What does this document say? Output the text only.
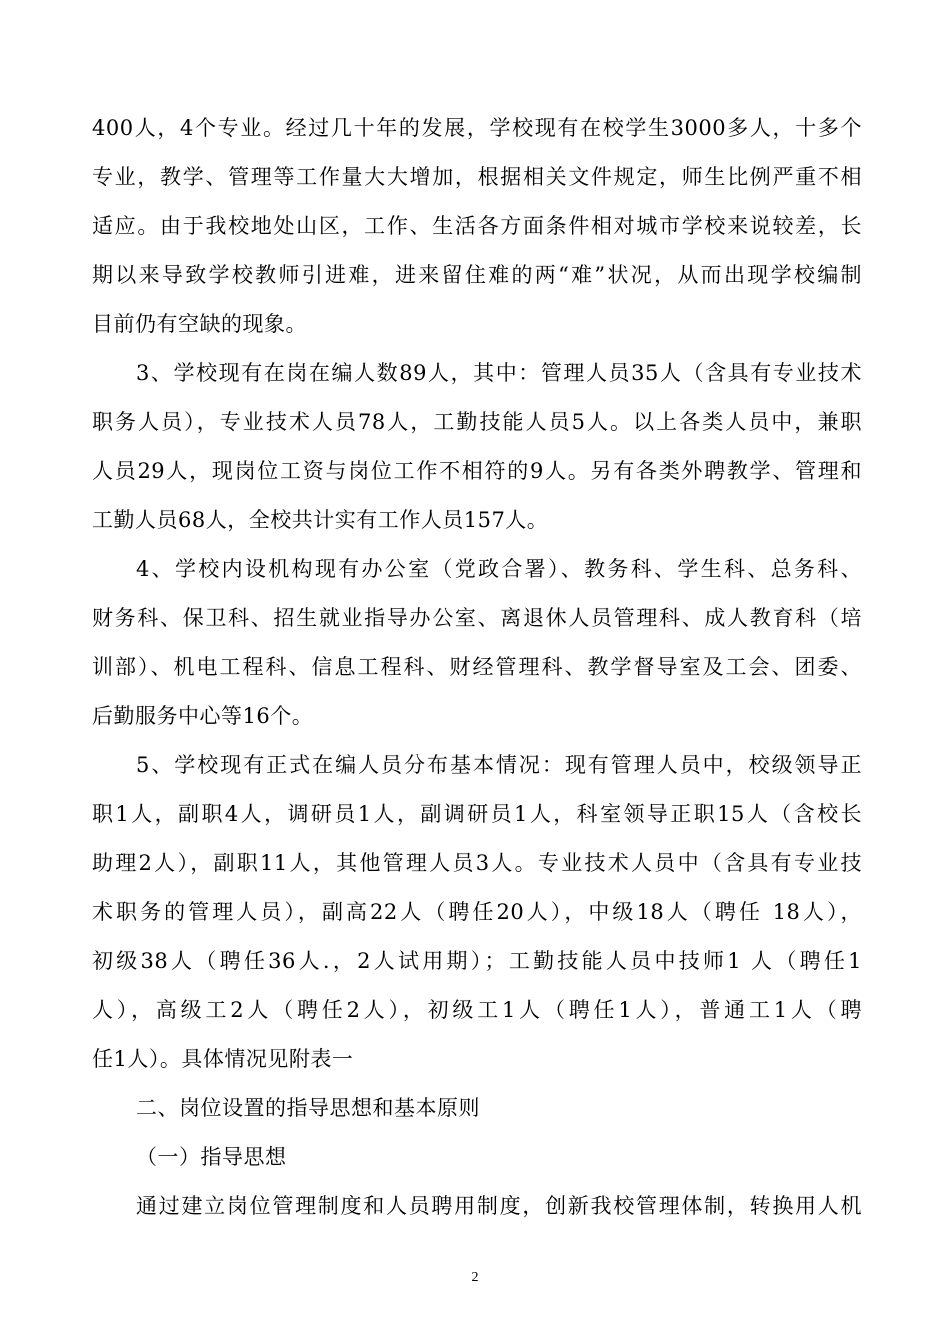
400人，4个专业。经过几十年的发展，学校现有在校学生3000多人，十多个
专业，教学、管理等工作量大大增加，根据相关文件规定，师生比例严重不相
适应。由于我校地处山区，工作、生活各方面条件相对城市学校来说较差，长
期以来导致学校教师引进难，进来留住难的两“难”状况，从而出现学校编制
目前仍有空缺的现象。
3、学校现有在岗在编人数89人，其中：管理人员35人（含具有专业技术
职务人员），专业技术人员78人，工勤技能人员5人。以上各类人员中，兼职
人员29人，现岗位工资与岗位工作不相符的9人。另有各类外聘教学、管理和
工勤人员68人，全校共计实有工作人员157人。
4、学校内设机构现有办公室（党政合署）、教务科、学生科、总务科、
财务科、保卫科、招生就业指导办公室、离退休人员管理科、成人教育科（培
训部）、机电工程科、信息工程科、财经管理科、教学督导室及工会、团委、
后勤服务中心等16个。
5、学校现有正式在编人员分布基本情况：现有管理人员中，校级领导正
职1人，副职4人，调研员1人，副调研员1人，科室领导正职15人（含校长
助理2人），副职11人，其他管理人员3人。专业技术人员中（含具有专业技
术职务的管理人员），副高22人（聘任20人），中级18人（聘任 18人），
初级38人（聘任36人.，2人试用期）；工勤技能人员中技师1 人（聘任1
人），高级工2人（聘任2人），初级工1人（聘任1人），普通工1人（聘
任1人）。具体情况见附表一
二、岗位设置的指导思想和基本原则
（一）指导思想
通过建立岗位管理制度和人员聘用制度，创新我校管理体制，转换用人机
2
